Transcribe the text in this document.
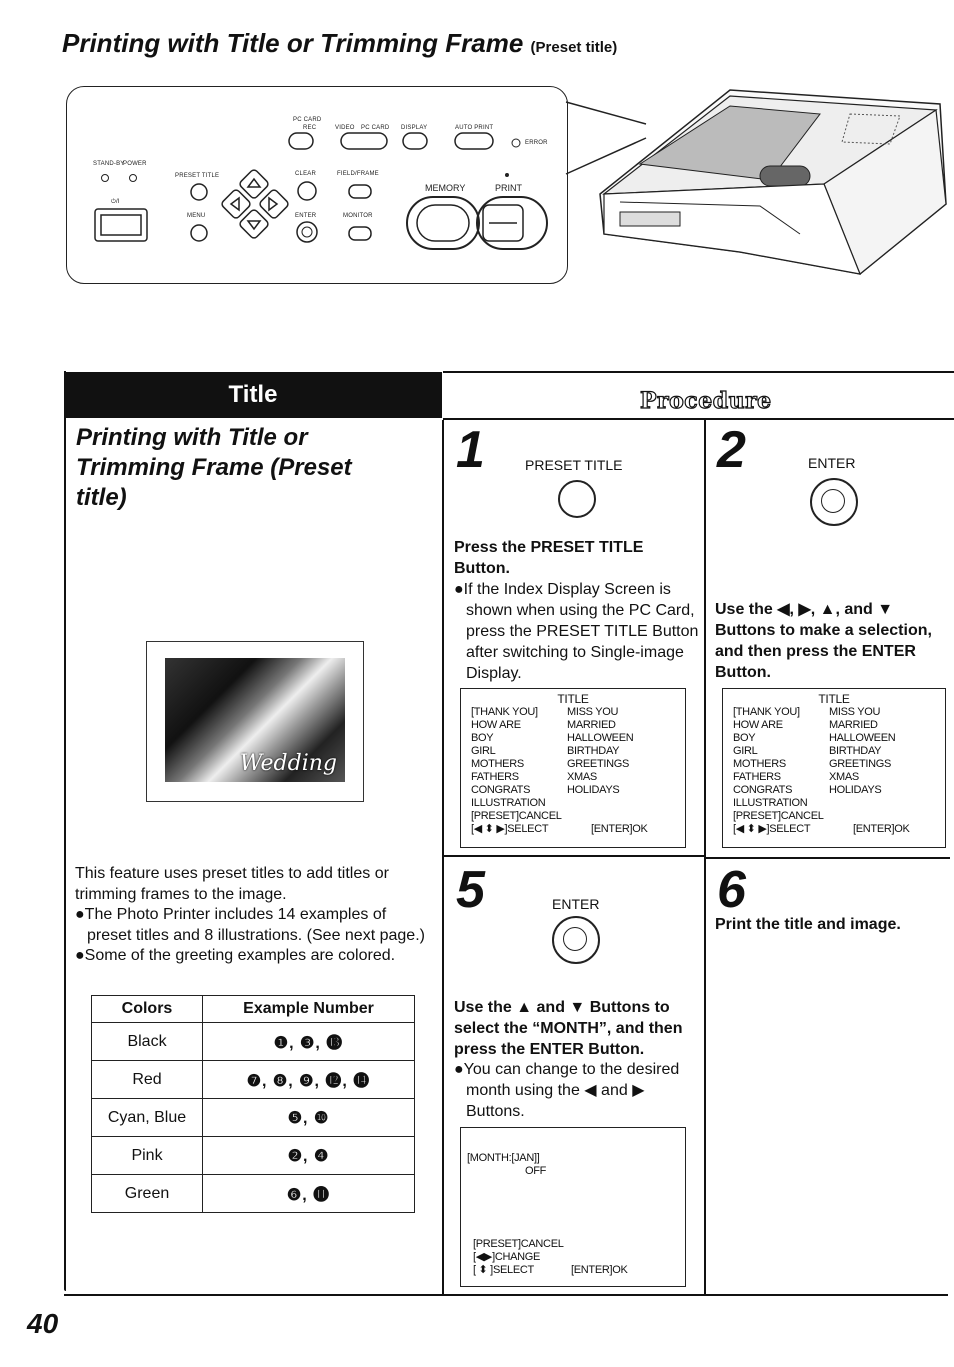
Printing with Title or Trimming Frame (Preset title)
PC CARD
REC	VIDEO PC CARD DISPLAY	AUTO PRINT
ERROR
STAND-BY
POWER
PRESET TITLE	CLEAR	FIELD/FRAME
MENU	ENTER	MONITOR
MEMORY	PRINT
⏻/I
Title	Procedure
Printing with Title or Trimming Frame (Preset title)
Wedding
This feature uses preset titles to add titles or trimming frames to the image.
●The Photo Printer includes 14 examples of preset titles and 8 illustrations. (See next page.)
●Some of the greeting examples are colored.
Colors	Example Number
Black	❶, ❸, ⓭
Red	❼, ❽, ❾, ⓬, ⓮
Cyan, Blue	❺, ❿
Pink	❷, ❹
Green	❻, ⓫
1	PRESET TITLE
Press the PRESET TITLE Button.
●If the Index Display Screen is shown when using the PC Card, press the PRESET TITLE Button after switching to Single-image Display.
TITLE
[THANK YOU]	MISS YOU
HOW ARE	MARRIED
BOY	HALLOWEEN
GIRL	BIRTHDAY
MOTHERS	GREETINGS
FATHERS	XMAS
CONGRATS	HOLIDAYS
ILLUSTRATION
[PRESET]CANCEL
[◀ ⬍ ▶]SELECT	[ENTER]OK
2	ENTER
Use the ◀, ▶, ▲, and ▼ Buttons to make a selection, and then press the ENTER Button.
TITLE
[THANK YOU]	MISS YOU
HOW ARE	MARRIED
BOY	HALLOWEEN
GIRL	BIRTHDAY
MOTHERS	GREETINGS
FATHERS	XMAS
CONGRATS	HOLIDAYS
ILLUSTRATION
[PRESET]CANCEL
[◀ ⬍ ▶]SELECT	[ENTER]OK
5	ENTER
Use the ▲ and ▼ Buttons to select the “MONTH”, and then press the ENTER Button.
●You can change to the desired month using the ◀ and ▶ Buttons.
[MONTH:[JAN]]
OFF
[PRESET]CANCEL
[◀▶]CHANGE
[ ⬍ ]SELECT	[ENTER]OK
6
Print the title and image.
40
